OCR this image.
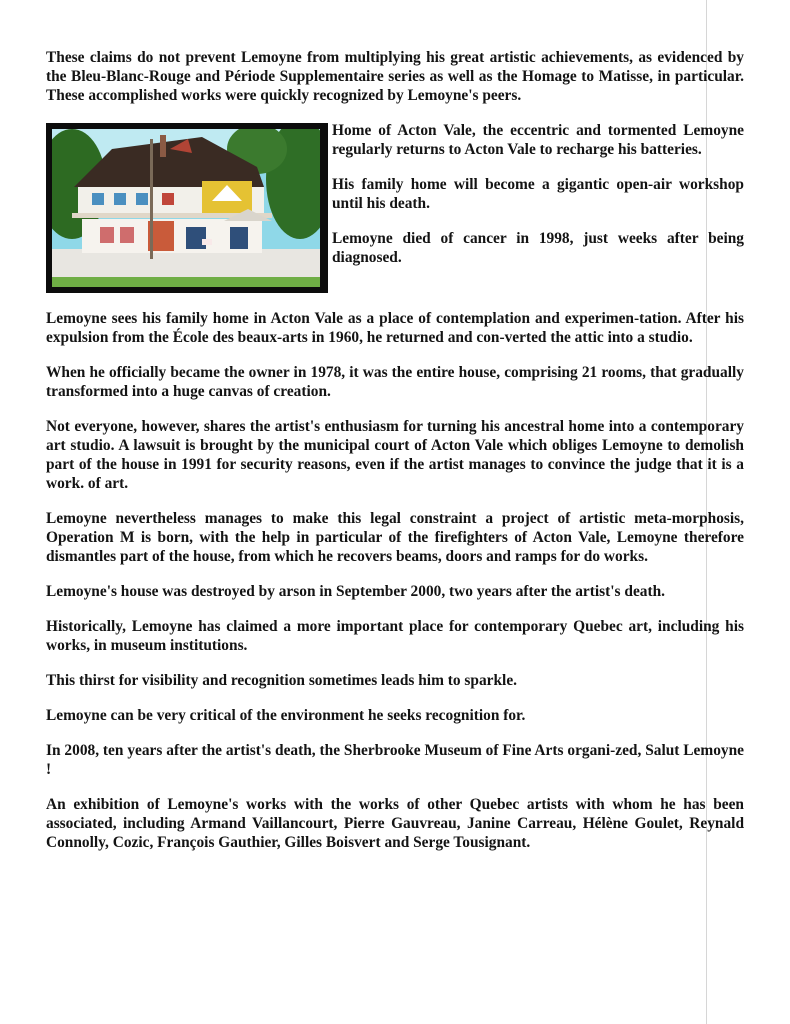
These claims do not prevent Lemoyne from multiplying his great artistic achievements, as evidenced by the Bleu-Blanc-Rouge and Période Supplementaire series as well as the Homage to Matisse, in particular. These accomplished works were quickly recognized by Lemoyne's peers.

Home of Acton Vale, the eccentric and tormented Lemoyne regularly returns to Acton Vale to recharge his batteries.

His family home will become a gigantic open-air workshop until his death.

Lemoyne died of cancer in 1998, just weeks after being diagnosed.

Lemoyne sees his family home in Acton Vale as a place of contemplation and experimen-tation. After his expulsion from the École des beaux-arts in 1960, he returned and con-verted the attic into a studio.

When he officially became the owner in 1978, it was the entire house, comprising 21 rooms, that gradually transformed into a huge canvas of creation.

Not everyone, however, shares the artist's enthusiasm for turning his ancestral home into a contemporary art studio. A lawsuit is brought by the municipal court of Acton Vale which obliges Lemoyne to demolish part of the house in 1991 for security reasons, even if the artist manages to convince the judge that it is a work. of art.

Lemoyne nevertheless manages to make this legal constraint a project of artistic meta-morphosis, Operation M is born, with the help in particular of the firefighters of Acton Vale, Lemoyne therefore dismantles part of the house, from which he recovers beams, doors and ramps for do works.

Lemoyne's house was destroyed by arson in September 2000, two years after the artist's death.

Historically, Lemoyne has claimed a more important place for contemporary Quebec art, including his works, in museum institutions.

This thirst for visibility and recognition sometimes leads him to sparkle.

Lemoyne can be very critical of the environment he seeks recognition for.

In 2008, ten years after the artist's death, the Sherbrooke Museum of Fine Arts organi-zed, Salut Lemoyne !

An exhibition of Lemoyne's works with the works of other Quebec artists with whom he has been associated, including Armand Vaillancourt, Pierre Gauvreau, Janine Carreau, Hélène Goulet, Reynald Connolly, Cozic, François Gauthier, Gilles Boisvert and Serge Tousignant.
